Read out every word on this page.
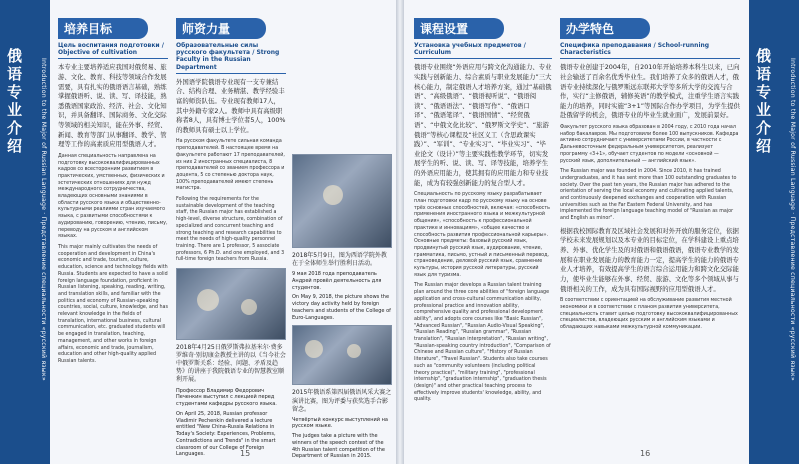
俄语专业介绍	Introduction to the Major of Russian Language · Представление специальности «русский язык»
培养目标
Цель воспитания подготовки / Objective of cultivation

本专业主要培养适应我国对俄贸易、旅游、文化、教育、科技等领域合作发展需要，具有扎实的俄语语言基础，熟练掌握俄语听、说、读、写、译技能，熟悉俄语国家政治、经济、社会、文化知识，并具备翻译、国际商务、文化交际等领域的相关知识，能在外事、经贸、新闻、教育等部门从事翻译、教学、管理等工作的高素质应用型俄语人才。

Данная специальность направлена на подготовку высококвалифицированных кадров со всесторонним развитием в практических, умственных, физических и эстетических отношениях для нужд международного сотрудничества, владеющих основными знаниями в области русского языка и общественно-культурными реалиями стран изучаемого языка, с развитыми способностями к аудированию, говорению, чтению, письму, переводу на русском и английском языках.

This major mainly cultivates the needs of cooperation and development in China's economic and trade, tourism, culture, education, science and technology fields with Russia. Students are expected to have a solid foreign language foundation, proficient in Russian listening, speaking, reading, writing, and translation skills, and familiar with the politics and economy of Russian-speaking countries, social, culture, knowledge, and has relevant knowledge in the fields of translation, international business, cultural communication, etc. graduated students will be engaged in translation, teaching, management, and other works in foreign affairs, economic and trade, journalism, education and other high-quality applied Russian talents.

师资力量
Образовательные силы русского факультета / Strong Faculty in the Russian Department

外国语学院俄语专业现有一支专兼结合、结构合理、业务精湛、教学经验丰富的师资队伍。专业现有教师17人，其中外籍专家2人。教师中具有高级职称者8人，具有博士学位者5人，100%的教师具有硕士以上学位。

На русском факультете сильная команда преподавателей. В настоящее время на факультете работают 17 преподавателей, из них 2 иностранных специалиста, 8 преподавателей со званием профессора и доцента, 5 со степенью доктора наук, 100% преподавателей имеют степень магистра.

Following the requirements for the sustainable development of the teaching staff, the Russian major has established a high-level, diverse structure, combination of specialized and concurrent teaching and strong teaching and research capabilities to meet the needs of high-quality personnel training. There are 1 professor, 5 associate professors, 6 Ph.D. and one employed, and 3 full-time foreign teachers from Russia.

2018年4月25日俄罗斯弗拉基米尔·费多罗维奇·别切康金教授主讲的以《当今社会中俄罗斯关系：经验、问题、矛盾及趋势》的讲座于我院俄语专业的智慧教室顺利开展。

Профессор Владимир Федорович Печенкин выступил с лекцией перед студентами кафедры русского языка.

On April 25, 2018, Russian professor Vladimir Pechenkin delivered a lecture entitled "New China-Russia Relations in Today's Society: Experiences, Problems, Contradictions and Trends" in the smart classroom of our College of Foreign Languages.

2018年5月9日，图为西语学院外教在于全体师生举行胜利日活动。

9 мая 2018 года преподаватель Андрей провёл деятельность для студентов.

On May 9, 2018, the picture shows the victory day activity held by foreign teachers and students of the College of Euro-Languages.

2015年俄语系第四届俄语风采大赛之演讲比赛，图为评委与获奖选手合影留念。

Четвёртый конкурс выступлений на русском языке.

The judges take a picture with the winners of the speech contest of the 4th Russian talent competition of the Department of Russian in 2015.

15
课程设置
Установка учебных предметов / Curriculum

俄语专业围绕“外语应用与跨文化沟通能力、专业实践与创新能力、综合素质与职业发展能力”三大核心能力，制定俄语人才培养方案，通过“基础俄语”、“高级俄语”、“俄语视听说”、“俄语阅读”、“俄语语法”、“俄语写作”、“俄语口译”、“俄语笔译”、“俄语国情”、“经贸俄语”、“中俄文化比较”、“俄罗斯文学史”、“旅游俄语”等核心课程及“社区义工（含思政课实践）”、“军训”、“专业实习”、“毕业实习”、“毕业论文（设计）”等主要实践性教学环节，切实发展学生的听、说、读、写、译等技能，培养学生的外语应用能力，使其拥有的应用能力和专业技能，成为有较强创新能力的复合型人才。

Специальность по русскому языку разрабатывает план подготовки кадр по русскому языку на основе трёх основных способностей, включая: «способность применения иностранного языка и межкультурной общения», «способность к профессиональной практике и инновациям», «общее качество и способность развития профессиональной карьеры». Основные предметы: базовый русский язык, продвинутый русский язык, аудирование, чтение, грамматика, письмо, устный и письменный перевод, страноведение, деловой русский язык, сравнение культуры, история русской литературы, русский язык для туризма.

The Russian major develops a Russian talent training plan around the three core abilities of "foreign language application and cross-cultural communication ability, professional practice and innovation ability, comprehensive quality and professional development ability", and adopts core courses like "Basic Russian", "Advanced Russian", "Russian Audio-Visual Speaking", "Russian Reading", "Russian grammar", "Russian translation", "Russian interpretation", "Russian writing", "Russian-speaking country introduction", "Comparison of Chinese and Russian culture", "History of Russian literature", "Travel Russian". Students also take courses such as "community volunteers (including political theory practice)", "military training", "professional internship", "graduation internship", "graduation thesis (design)" and other practical teaching process to effectively improve students' knowledge, ability, and quality.

办学特色
Специфика преподавания / School-running Characteristics

俄语专业创建于2004年，自2010年开始培养本科生以来，已向社会输送了百余名优秀毕业生。我们培养了众多的俄语人才，俄语专业持续深化与俄罗斯远东联邦大学等多所大学的交流与合作，实行“主修俄语，辅修英语”的教学模式，注重学生语言实践能力的培养，同时实施“3+1”等国际合作办学项目，为学生提供赴俄留学的机会，俄语专业的毕业生就业面广，发展前景好。

Факультет русского языка образован в 2004 году, с 2010 года начал набор бакалавров. Мы подготовили более 100 выпускников. Кафедра активно сотрудничает с университетами России, в частности с Дальневосточным федеральным университетом, реализует программу «3+1», обучает студентов по модели «основной — русский язык, дополнительный — английский язык».

The Russian major was founded in 2004. Since 2010, it has trained undergraduates, and it has sent more than 100 outstanding graduates to society. Over the past ten years, the Russian major has adhered to the orientation of serving the local economy and cultivating applied talents, and continuously deepened exchanges and cooperation with Russian universities such as the Far Eastern Federal University, and has implemented the foreign language teaching model of "Russian as major and English as minor".

根据我校国际教育及区域社会发展和对外开放的服务定位，依据学校未来发展规划以及本专业的目标定位，在学科建设上重点培养、外事、优化学生及的对俄语和俄语俄语，俄语专业教学的发展和在职业发展能力的教育能力一定，提高学生的能力的俄语专业人才培养，有效提高学生的语言综合运用能力和跨文化交际能力，使毕业生能够在外事、经贸、旅游、文化等多个领域从事与俄语相关的工作，成为具有国际视野的应用型俄语人才。

В соответствии с ориентацией на обслуживание развития местной экономики и в соответствии с планом развития университета, специальность ставит целью подготовку высококвалифицированных специалистов, владеющих русским и английским языками и обладающих навыками межкультурной коммуникации.

16
俄语专业介绍	Introduction to the Major of Russian Language · Представление специальности «русский язык»
